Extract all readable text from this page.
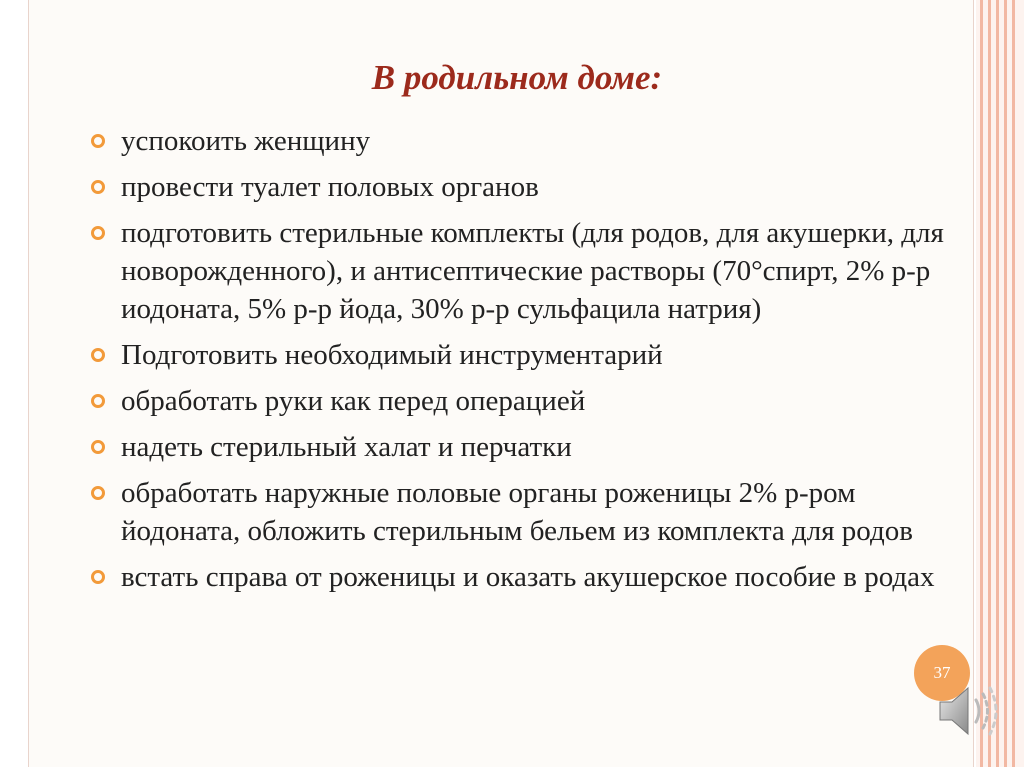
В родильном доме:
успокоить женщину
провести туалет половых органов
подготовить стерильные комплекты (для родов, для акушерки, для новорожденного), и антисептические растворы (70°спирт, 2% р-р иодоната, 5% р-р йода, 30% р-р сульфацила натрия)
Подготовить необходимый инструментарий
обработать руки как перед операцией
надеть стерильный халат и перчатки
обработать наружные половые органы роженицы 2% р-ром йодоната, обложить стерильным бельем из комплекта для родов
встать справа от роженицы и оказать акушерское пособие в родах
37
